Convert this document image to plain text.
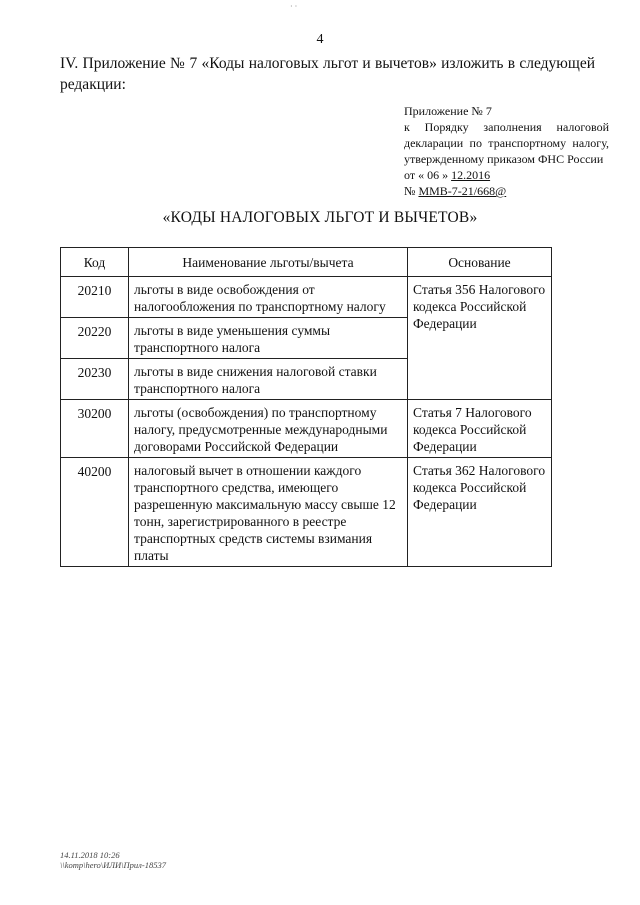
· ·
4
IV. Приложение № 7 «Коды налоговых льгот и вычетов» изложить в следующей редакции:
Приложение № 7
к Порядку заполнения налоговой
декларации по транспортному налогу,
утвержденному приказом ФНС России
от « 06 » 12.2016
№ ММВ-7-21/668@
«КОДЫ НАЛОГОВЫХ ЛЬГОТ И ВЫЧЕТОВ»
Код	Наименование льготы/вычета	Основание
20210	льготы в виде освобождения от налогообложения по транспортному налогу	Статья 356 Налогового кодекса Российской Федерации
20220	льготы в виде уменьшения суммы транспортного налога	
20230	льготы в виде снижения налоговой ставки транспортного налога	
30200	льготы (освобождения) по транспортному налогу, предусмотренные международными договорами Российской Федерации	Статья 7 Налогового кодекса Российской Федерации
40200	налоговый вычет в отношении каждого транспортного средства, имеющего разрешенную максимальную массу свыше 12 тонн, зарегистрированного в реестре транспортных средств системы взимания платы	Статья 362 Налогового кодекса Российской Федерации
14.11.2018 10:26
\\komp\hero\ИЛИ\Прил-18537
